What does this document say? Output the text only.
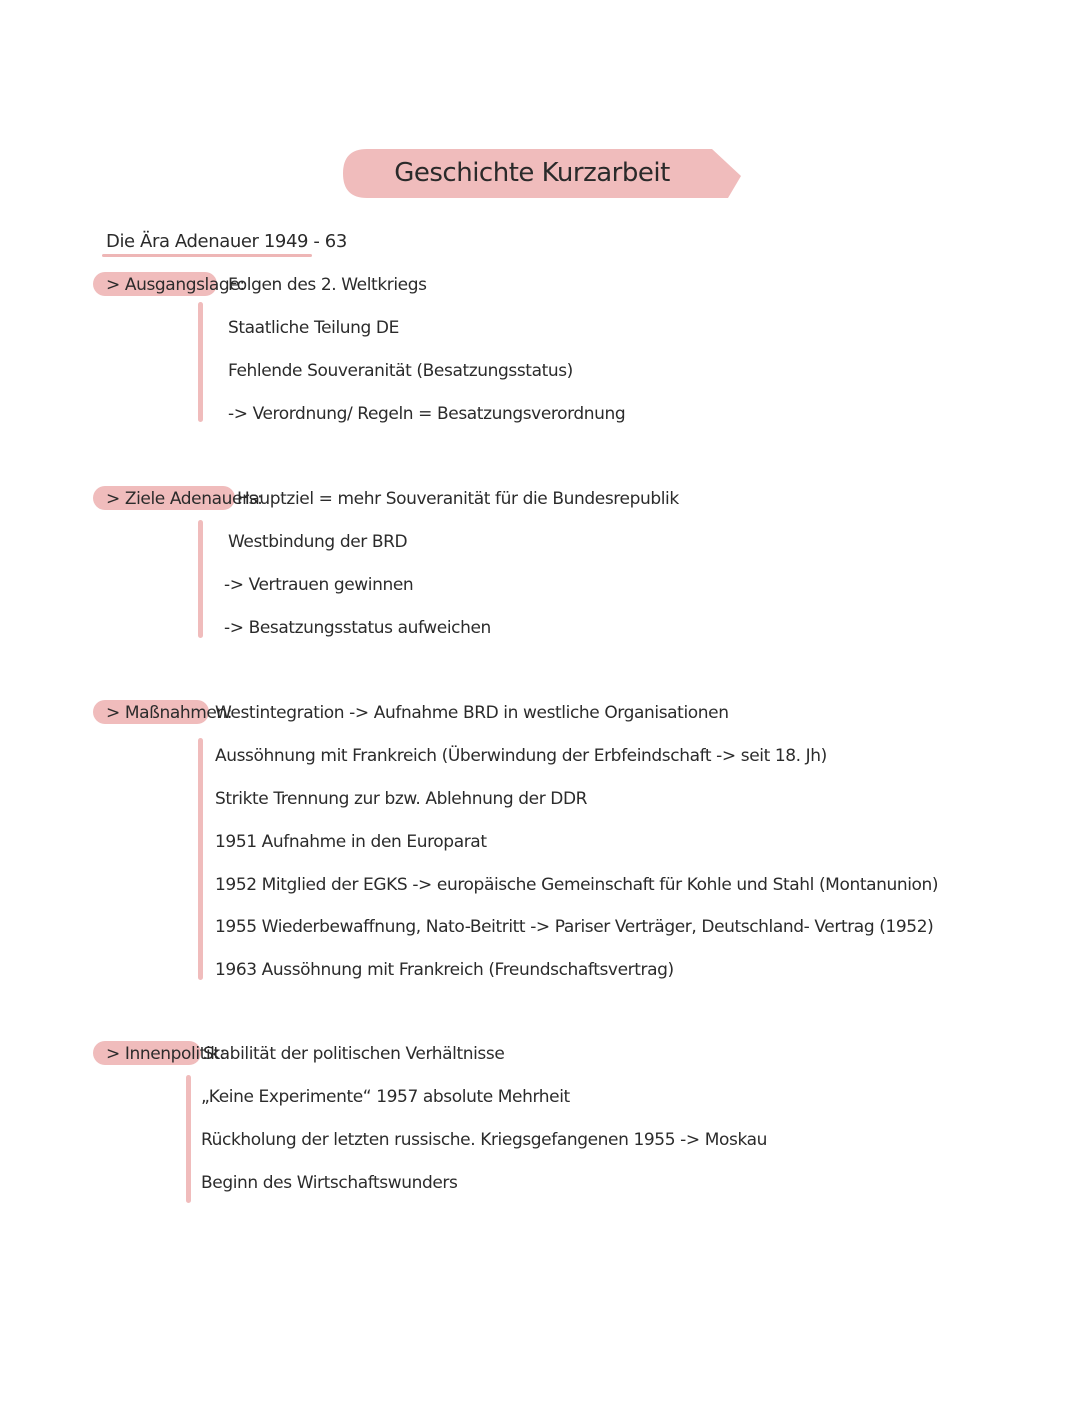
Geschichte Kurzarbeit
Die Ära Adenauer 1949 - 63
> Ausgangslage:
Folgen des 2. Weltkriegs
Staatliche Teilung DE
Fehlende Souveranität (Besatzungsstatus)
-> Verordnung/ Regeln = Besatzungsverordnung
> Ziele Adenauers:
Hauptziel = mehr Souveranität für die Bundesrepublik
Westbindung der BRD
-> Vertrauen gewinnen
-> Besatzungsstatus aufweichen
> Maßnahmen:
Westintegration -> Aufnahme BRD in westliche Organisationen
Aussöhnung mit Frankreich (Überwindung der Erbfeindschaft -> seit 18. Jh)
Strikte Trennung zur bzw. Ablehnung der DDR
1951 Aufnahme in den Europarat
1952 Mitglied der EGKS -> europäische Gemeinschaft für Kohle und Stahl (Montanunion)
1955 Wiederbewaffnung, Nato-Beitritt -> Pariser Verträger, Deutschland- Vertrag (1952)
1963 Aussöhnung mit Frankreich (Freundschaftsvertrag)
> Innenpolitik:
Stabilität der politischen Verhältnisse
„Keine Experimente“ 1957 absolute Mehrheit
Rückholung der letzten russische. Kriegsgefangenen 1955 -> Moskau
Beginn des Wirtschaftswunders
